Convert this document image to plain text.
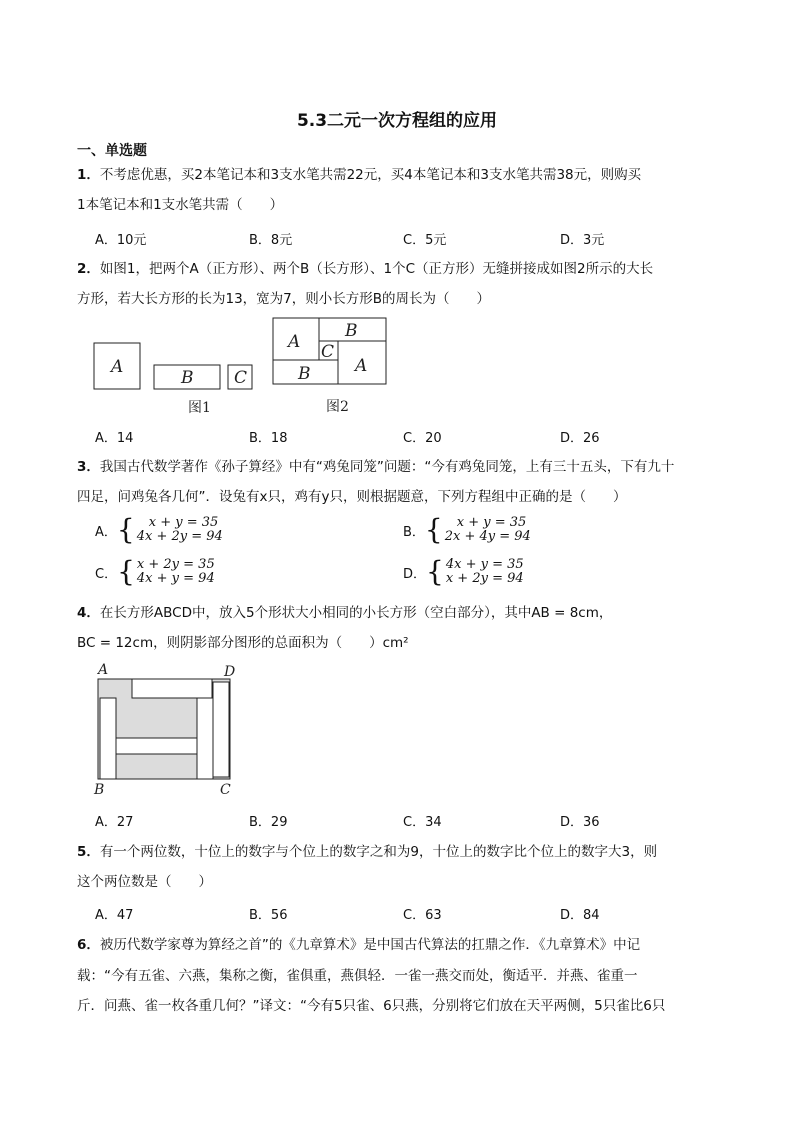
5.3二元一次方程组的应用
一、单选题
1．不考虑优惠，买2本笔记本和3支水笔共需22元，买4本笔记本和3支水笔共需38元，则购买
1本笔记本和1支水笔共需（　　）
A．10元	B．8元	C．5元	D．3元
2．如图1，把两个A（正方形）、两个B（长方形）、1个C（正方形）无缝拼接成如图2所示的大长
方形，若大长方形的长为13，宽为7，则小长方形B的周长为（　　）
A
B C
A
B
C
B	A
图1	图2
A．14	B．18	C．20	D．26
3．我国古代数学著作《孙子算经》中有“鸡兔同笼”问题：“今有鸡兔同笼，上有三十五头，下有九十
四足，问鸡兔各几何”．设兔有x只，鸡有y只，则根据题意，下列方程组中正确的是（　　）
A． {	x + y = 35
4x + 2y = 94	B． {	x + y = 35
2x + 4y = 94
C． { x + 2y = 35
4x + y = 94	D． { 4x + y = 35
x + 2y = 94
4．在长方形ABCD中，放入5个形状大小相同的小长方形（空白部分），其中AB = 8cm，
BC = 12cm，则阴影部分图形的总面积为（　　）cm²
A	D
B	C
A．27	B．29	C．34	D．36
5．有一个两位数，十位上的数字与个位上的数字之和为9，十位上的数字比个位上的数字大3，则
这个两位数是（　　）
A．47	B．56	C．63	D．84
6．被历代数学家尊为算经之首”的《九章算术》是中国古代算法的扛鼎之作．《九章算术》中记
载：“今有五雀、六燕，集称之衡，雀俱重，燕俱轻．一雀一燕交而处，衡适平．并燕、雀重一
斤．问燕、雀一枚各重几何？”译文：“今有5只雀、6只燕，分别将它们放在天平两侧，5只雀比6只
